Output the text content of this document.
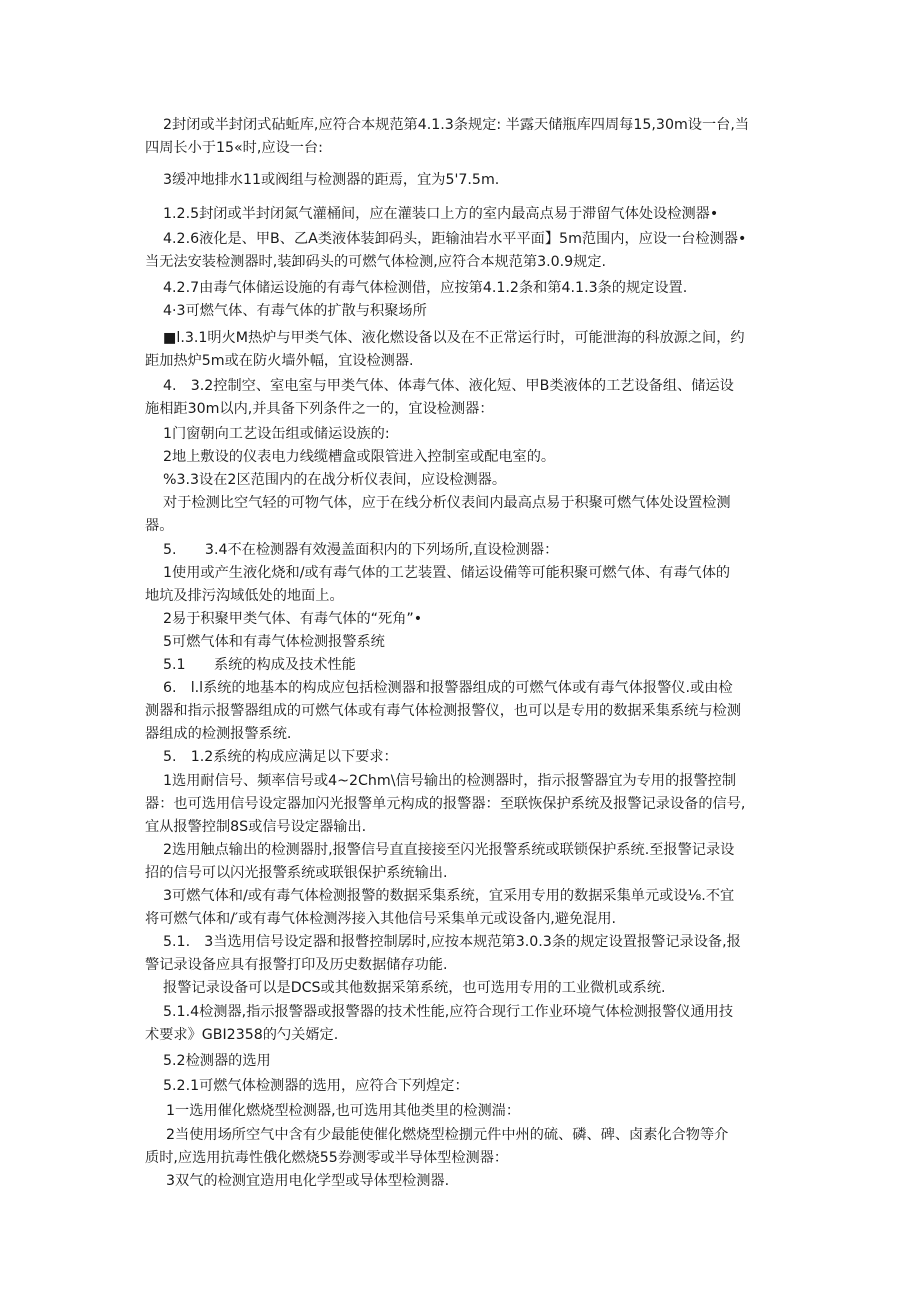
2封闭或半封闭式砧蚯库,应符合本规范第4.1.3条规定: 半露天储瓶库四周每15,30m设一台,当
四周长小于15«时,应设一台:
3缓冲地排水11或阀组与检测器的距焉，宜为5'7.5m.
1.2.5封闭或半封闭氮气灌桶间，应在灌装口上方的室内最高点易于滞留气体处设检测器•
4.2.6液化是、甲B、乙A类液体装卸码头，距输油岩水平平面】5m范围内，应设一台检测器•
当无法安装检测器时,装卸码头的可燃气体检测,应符合本规范第3.0.9规定.
4.2.7由毒气体储运设施的有毒气体检测借，应按第4.1.2条和第4.1.3条的规定设置.
4·3可燃气体、有毒气体的扩散与积聚场所
■l.3.1明火M热炉与甲类气体、液化燃设备以及在不正常运行时，可能泄海的科放源之间，约
距加热炉5m或在防火墙外幅，宜设检测器.
4.　3.2控制空、室电室与甲类气体、体毒气体、液化短、甲B类液体的工艺设备组、储运设
施相距30m以内,并具备下列条件之一的，宜设检测器：
1门窗朝向工艺设缶组或储运设族的:
2地上敷设的仪表电力线缆槽盒或限管进入控制室或配电室的。
%3.3设在2区范围内的在战分析仪表间，应设检测器。
对于检测比空气轻的可物气体，应于在线分析仪表间内最高点易于积聚可燃气体处设置检测
器。
5.　　3.4不在检测器有效漫盖面积内的下列场所,直设检测器：
1使用或产生液化烧和/或有毒气体的工艺装置、储运设備等可能积聚可燃气体、有毒气体的
地坑及排污沟域低处的地面上。
2易于积聚甲类气体、有毒气体的“死角”•
5可燃气体和有毒气体检测报警系统
5.1　　系统的构成及技术性能
6.　l.l系统的地基本的构成应包括检测器和报警器组成的可燃气体或有毒气体报警仪.或由检
测器和指示报警器组成的可燃气体或有毒气体检测报警仪，也可以是专用的数据釆集系统与检测
器组成的检测报警系统.
5.　1.2系统的构成应满足以下要求：
1选用耐信号、频率信号或4~2Chm\信号输出的检测器时，指示报警器宜为专用的报警控制
器：也可选用信号设定器加闪光报警单元构成的报警器：至联恢保护系统及报警记录设备的信号,
宜从报警控制8S或信号设定器输出.
2选用触点输出的检测器肘,报警信号直直接接至闪光报警系统或联锁保护系统.至报警记录设
招的信号可以闪光报警系统或联银保护系统输出.
3可燃气体和/或有毒气体检测报警的数据采集系统，宜采用专用的数据采集单元或设⅛.不宜
将可燃气体和/′或有毒气体检测涔接入其他信号采集单元或设备内,避免混用.
5.1.　3当选用信号设定器和报瞥控制孱时,应按本规范第3.0.3条的规定设置报警记录设备,报
警记录设备应具有报警打印及历史数据储存功能.
报警记录设备可以是DCS或其他数据采第系统，也可选用专用的工业微机或系统.
5.1.4检测器,指示报警器或报警器的技术性能,应符合现行工作业环境气体检测报警仪通用技
术要求》GBI2358的勺关婿定.
5.2检测器的选用
5.2.1可燃气体检测器的选用，应符合下列煌定：
1一选用催化燃烧型检测器,也可选用其他类里的检测湍：
2当使用场所空气中含有少最能使催化燃烧型检捌元件中州的硫、磷、碑、卤素化合物等介
质时,应选用抗毒性俄化燃烧55券测零或半导体型检测器：
3双气的检测宜造用电化学型或导体型检测器.
